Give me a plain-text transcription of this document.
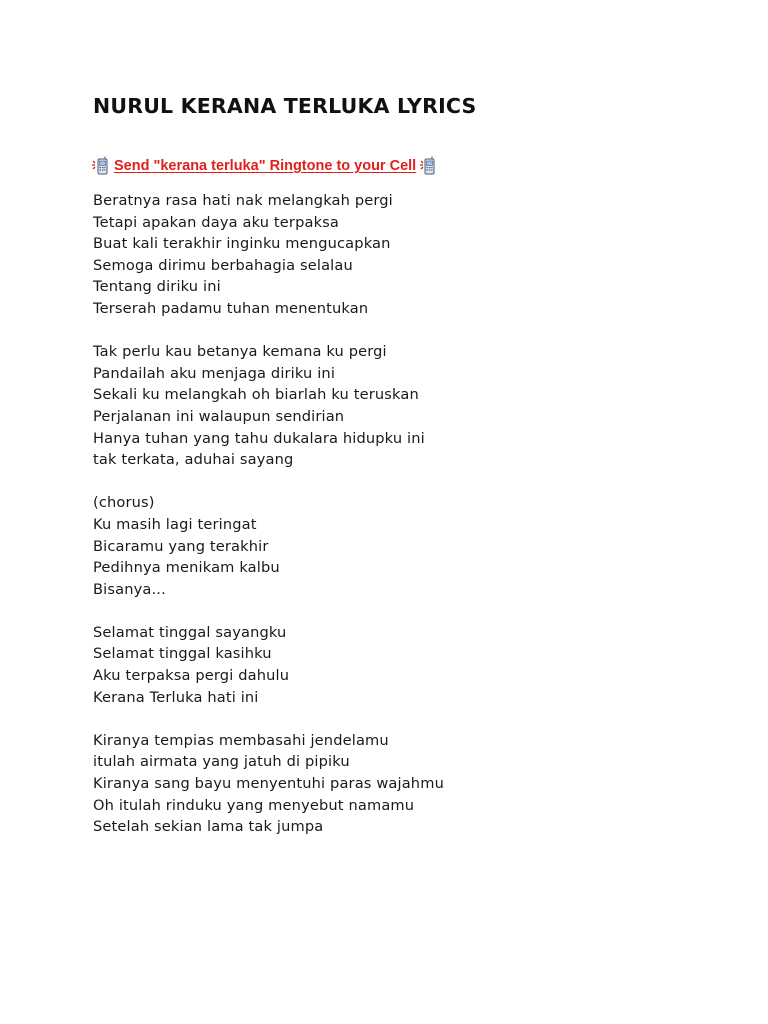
NURUL KERANA TERLUKA LYRICS
Send "kerana terluka" Ringtone to your Cell
Beratnya rasa hati nak melangkah pergi
Tetapi apakan daya aku terpaksa
Buat kali terakhir inginku mengucapkan
Semoga dirimu berbahagia selalau
Tentang diriku ini
Terserah padamu tuhan menentukan
Tak perlu kau betanya kemana ku pergi
Pandailah aku menjaga diriku ini
Sekali ku melangkah oh biarlah ku teruskan
Perjalanan ini walaupun sendirian
Hanya tuhan yang tahu dukalara hidupku ini
tak terkata, aduhai sayang
(chorus)
Ku masih lagi teringat
Bicaramu yang terakhir
Pedihnya menikam kalbu
Bisanya...
Selamat tinggal sayangku
Selamat tinggal kasihku
Aku terpaksa pergi dahulu
Kerana Terluka hati ini
Kiranya tempias membasahi jendelamu
itulah airmata yang jatuh di pipiku
Kiranya sang bayu menyentuhi paras wajahmu
Oh itulah rinduku yang menyebut namamu
Setelah sekian lama tak jumpa
